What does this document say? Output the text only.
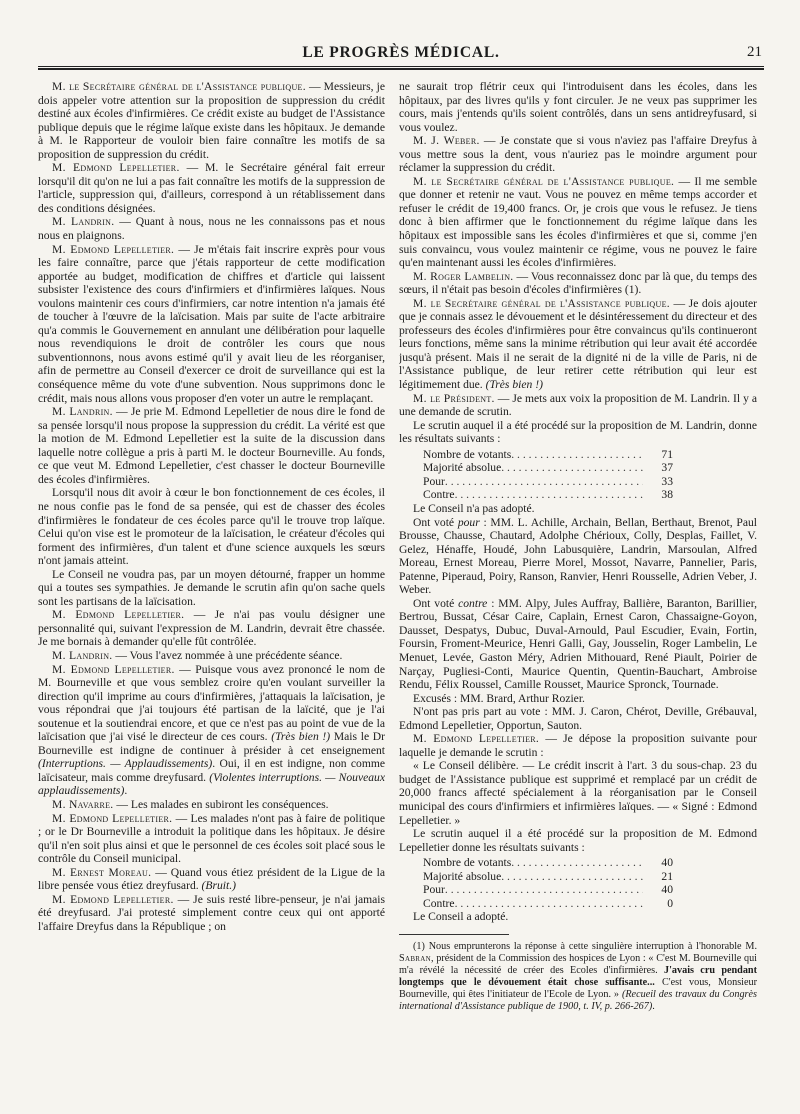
LE PROGRÈS MÉDICAL.	21

M. le Secrétaire général de l'Assistance publique. — Messieurs, je dois appeler votre attention sur la proposition de suppression du crédit destiné aux écoles d'infirmières. Ce crédit existe au budget de l'Assistance publique depuis que le régime laïque existe dans les hôpitaux. Je demande à M. le Rapporteur de vouloir bien faire connaître les motifs de sa proposition de suppression du crédit.

M. Edmond Lepelletier. — M. le Secrétaire général fait erreur lorsqu'il dit qu'on ne lui a pas fait connaître les motifs de la suppression de l'article, suppression qui, d'ailleurs, correspond à un rétablissement dans des conditions désignées.

M. Landrin. — Quant à nous, nous ne les connaissons pas et nous nous en plaignons.

M. Edmond Lepelletier. — Je m'étais fait inscrire exprès pour vous les faire connaître, parce que j'étais rapporteur de cette modification apportée au budget, modification de chiffres et d'article qui laissent subsister l'existence des cours d'infirmiers et d'infirmières laïques. Nous voulons maintenir ces cours d'infirmiers, car notre intention n'a jamais été de toucher à l'œuvre de la laïcisation. Mais par suite de l'acte arbitraire qu'a commis le Gouvernement en annulant une délibération pour laquelle nous revendiquions le droit de contrôler les cours que nous subventionnons, nous avons estimé qu'il y avait lieu de les réorganiser, afin de permettre au Conseil d'exercer ce droit de surveillance qui est la conséquence même du vote d'une subvention. Nous supprimons donc le crédit, mais nous allons vous proposer d'en voter un autre le remplaçant.

M. Landrin. — Je prie M. Edmond Lepelletier de nous dire le fond de sa pensée lorsqu'il nous propose la suppression du crédit. La vérité est que la motion de M. Edmond Lepelletier est la suite de la discussion dans laquelle notre collègue a pris à parti M. le docteur Bourneville. Au fonds, ce que veut M. Edmond Lepelletier, c'est chasser le docteur Bourneville des écoles d'infirmières.

Lorsqu'il nous dit avoir à cœur le bon fonctionnement de ces écoles, il ne nous confie pas le fond de sa pensée, qui est de chasser des écoles d'infirmières le fondateur de ces écoles parce qu'il le trouve trop laïque. Celui qu'on vise est le promoteur de la laïcisation, le créateur d'écoles qui forment des infirmières, d'un talent et d'une science auxquels les sœurs n'ont jamais atteint.

Le Conseil ne voudra pas, par un moyen détourné, frapper un homme qui a toutes ses sympathies. Je demande le scrutin afin qu'on sache quels sont les partisans de la laïcisation.

M. Edmond Lepelletier. — Je n'ai pas voulu désigner une personnalité qui, suivant l'expression de M. Landrin, devrait être chassée. Je me bornais à demander qu'elle fût contrôlée.

M. Landrin. — Vous l'avez nommée à une précédente séance.

M. Edmond Lepelletier. — Puisque vous avez prononcé le nom de M. Bourneville et que vous semblez croire qu'en voulant surveiller la direction qu'il imprime au cours d'infirmières, j'attaquais la laïcisation, je vous répondrai que j'ai toujours été partisan de la laïcité, que je l'ai soutenue et la soutiendrai encore, et que ce n'est pas au point de vue de la laïcisation que j'ai visé le directeur de ces cours. (Très bien !) Mais le Dr Bourneville est indigne de continuer à présider à cet enseignement (Interruptions. — Applaudissements). Oui, il en est indigne, non comme laïcisateur, mais comme dreyfusard. (Violentes interruptions. — Nouveaux applaudissements).

M. Navarre. — Les malades en subiront les conséquences.

M. Edmond Lepelletier. — Les malades n'ont pas à faire de politique ; or le Dr Bourneville a introduit la politique dans les hôpitaux. Je désire qu'il n'en soit plus ainsi et que le personnel de ces écoles soit placé sous le contrôle du Conseil municipal.

M. Ernest Moreau. — Quand vous étiez président de la Ligue de la libre pensée vous étiez dreyfusard. (Bruit.)

M. Edmond Lepelletier. — Je suis resté libre-penseur, je n'ai jamais été dreyfusard. J'ai protesté simplement contre ceux qui ont apporté l'affaire Dreyfus dans la République ; on

ne saurait trop flétrir ceux qui l'introduisent dans les écoles, dans les hôpitaux, par des livres qu'ils y font circuler. Je ne veux pas supprimer les cours, mais j'entends qu'ils soient contrôlés, dans un sens antidreyfusard, si vous voulez.

M. J. Weber. — Je constate que si vous n'aviez pas l'affaire Dreyfus à vous mettre sous la dent, vous n'auriez pas le moindre argument pour réclamer la suppression du crédit.

M. le Secrétaire général de l'Assistance publique. — Il me semble que donner et retenir ne vaut. Vous ne pouvez en même temps accorder et refuser le crédit de 19,400 francs. Or, je crois que vous le refusez. Je tiens donc à bien affirmer que le fonctionnement du régime laïque dans les hôpitaux est impossible sans les écoles d'infirmières et que si, comme j'en suis convaincu, vous voulez maintenir ce régime, vous ne pouvez le faire qu'en maintenant aussi les écoles d'infirmières.

M. Roger Lambelin. — Vous reconnaissez donc par là que, du temps des sœurs, il n'était pas besoin d'écoles d'infirmières (1).

M. le Secrétaire général de l'Assistance publique. — Je dois ajouter que je connais assez le dévouement et le désintéressement du directeur et des professeurs des écoles d'infirmières pour être convaincus qu'ils continueront leurs fonctions, même sans la minime rétribution qui leur avait été accordée jusqu'à présent. Mais il ne serait de la dignité ni de la ville de Paris, ni de l'Assistance publique, de leur retirer cette rétribution qui leur est légitimement due. (Très bien !)

M. le Président. — Je mets aux voix la proposition de M. Landrin. Il y a une demande de scrutin.

Le scrutin auquel il a été procédé sur la proposition de M. Landrin, donne les résultats suivants :

Nombre de votants . . .	71
Majorité absolue . . .	37
Pour . . .	33
Contre . . .	38

Le Conseil n'a pas adopté.

Ont voté pour : MM. L. Achille, Archain, Bellan, Berthaut, Brenot, Paul Brousse, Chausse, Chautard, Adolphe Chérioux, Colly, Desplas, Faillet, V. Gelez, Hénaffe, Houdé, John Labusquière, Landrin, Marsoulan, Alfred Moreau, Ernest Moreau, Pierre Morel, Mossot, Navarre, Pannelier, Paris, Patenne, Piperaud, Poiry, Ranson, Ranvier, Henri Rousselle, Adrien Veber, J. Weber.

Ont voté contre : MM. Alpy, Jules Auffray, Ballière, Baranton, Barillier, Bertrou, Bussat, César Caire, Caplain, Ernest Caron, Chassaigne-Goyon, Dausset, Despatys, Dubuc, Duval-Arnould, Paul Escudier, Evain, Fortin, Foursin, Froment-Meurice, Henri Galli, Gay, Jousselin, Roger Lambelin, Le Menuet, Levée, Gaston Méry, Adrien Mithouard, René Piault, Poirier de Narçay, Pugliesi-Conti, Maurice Quentin, Quentin-Bauchart, Ambroise Rendu, Félix Roussel, Camille Rousset, Maurice Spronck, Tournade.

Excusés : MM. Brard, Arthur Rozier.

N'ont pas pris part au vote : MM. J. Caron, Chérot, Deville, Grébauval, Edmond Lepelletier, Opportun, Sauton.

M. Edmond Lepelletier. — Je dépose la proposition suivante pour laquelle je demande le scrutin :

« Le Conseil délibère. — Le crédit inscrit à l'art. 3 du sous-chap. 23 du budget de l'Assistance publique est supprimé et remplacé par un crédit de 20,000 francs affecté spécialement à la réorganisation par le Conseil municipal des cours d'infirmiers et infirmières laïques. — « Signé : Edmond Lepelletier. »

Le scrutin auquel il a été procédé sur la proposition de M. Edmond Lepelletier donne les résultats suivants :

Nombre de votants . . .	40
Majorité absolue . . .	21
Pour . . .	40
Contre . . .	0

Le Conseil a adopté.

(1) Nous emprunterons la réponse à cette singulière interruption à l'honorable M. Sabran, président de la Commission des hospices de Lyon : « C'est M. Bourneville qui m'a révélé la nécessité de créer des Ecoles d'infirmières. J'avais cru pendant longtemps que le dévouement était chose suffisante... C'est vous, Monsieur Bourneville, qui êtes l'initiateur de l'Ecole de Lyon. » (Recueil des travaux du Congrès international d'Assistance publique de 1900, t. IV, p. 266-267).
